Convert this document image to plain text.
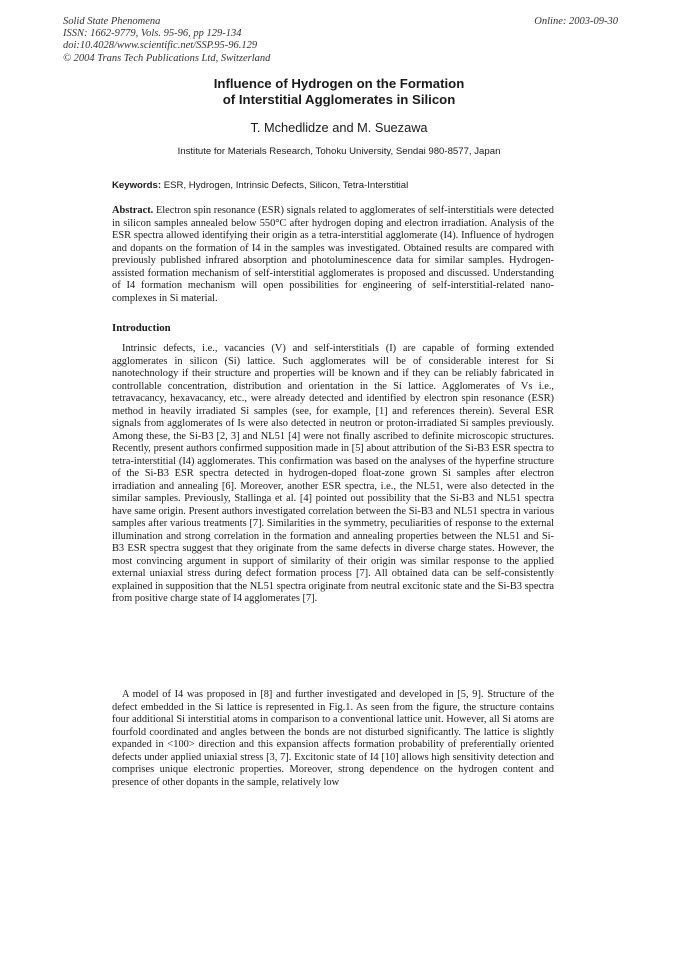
Solid State Phenomena
ISSN: 1662-9779, Vols. 95-96, pp 129-134
doi:10.4028/www.scientific.net/SSP.95-96.129
© 2004 Trans Tech Publications Ltd, Switzerland
Online: 2003-09-30
Influence of Hydrogen on the Formation
of Interstitial Agglomerates in Silicon
T. Mchedlidze and M. Suezawa
Institute for Materials Research, Tohoku University, Sendai 980-8577, Japan
Keywords: ESR, Hydrogen, Intrinsic Defects, Silicon, Tetra-Interstitial

Abstract. Electron spin resonance (ESR) signals related to agglomerates of self-interstitials were detected in silicon samples annealed below 550°C after hydrogen doping and electron irradiation. Analysis of the ESR spectra allowed identifying their origin as a tetra-interstitial agglomerate (I4). Influence of hydrogen and dopants on the formation of I4 in the samples was investigated. Obtained results are compared with previously published infrared absorption and photoluminescence data for similar samples. Hydrogen-assisted formation mechanism of self-interstitial agglomerates is proposed and discussed. Understanding of I4 formation mechanism will open possibilities for engineering of self-interstitial-related nano-complexes in Si material.

Introduction
Intrinsic defects, i.e., vacancies (V) and self-interstitials (I) are capable of forming extended agglomerates in silicon (Si) lattice. Such agglomerates will be of considerable interest for Si nanotechnology if their structure and properties will be known and if they can be reliably fabricated in controllable concentration, distribution and orientation in the Si lattice. Agglomerates of Vs i.e., tetravacancy, hexavacancy, etc., were already detected and identified by electron spin resonance (ESR) method in heavily irradiated Si samples (see, for example, [1] and references therein). Several ESR signals from agglomerates of Is were also detected in neutron or proton-irradiated Si samples previously. Among these, the Si-B3 [2, 3] and NL51 [4] were not finally ascribed to definite microscopic structures. Recently, present authors confirmed supposition made in [5] about attribution of the Si-B3 ESR spectra to tetra-interstitial (I4) agglomerates. This confirmation was based on the analyses of the hyperfine structure of the Si-B3 ESR spectra detected in hydrogen-doped float-zone grown Si samples after electron irradiation and annealing [6]. Moreover, another ESR spectra, i.e., the NL51, were also detected in the similar samples. Previously, Stallinga et al. [4] pointed out possibility that the Si-B3 and NL51 spectra have same origin. Present authors investigated correlation between the Si-B3 and NL51 spectra in various samples after various treatments [7]. Similarities in the symmetry, peculiarities of response to the external illumination and strong correlation in the formation and annealing properties between the NL51 and Si-B3 ESR spectra suggest that they originate from the same defects in diverse charge states. However, the most convincing argument in support of similarity of their origin was similar response to the applied external uniaxial stress during defect formation process [7]. All obtained data can be self-consistently explained in supposition that the NL51 spectra originate from neutral excitonic state and the Si-B3 spectra from positive charge state of I4 agglomerates [7].
A model of I4 was proposed in [8] and further investigated and developed in [5, 9]. Structure of the defect embedded in the Si lattice is represented in Fig.1. As seen from the figure, the structure contains four additional Si interstitial atoms in comparison to a conventional lattice unit. However, all Si atoms are fourfold coordinated and angles between the bonds are not disturbed significantly. The lattice is slightly expanded in <100> direction and this expansion affects formation probability of preferentially oriented defects under applied uniaxial stress [3, 7]. Excitonic state of I4 [10] allows high sensitivity detection and comprises unique electronic properties. Moreover, strong dependence on the hydrogen content and presence of other dopants in the sample, relatively low
